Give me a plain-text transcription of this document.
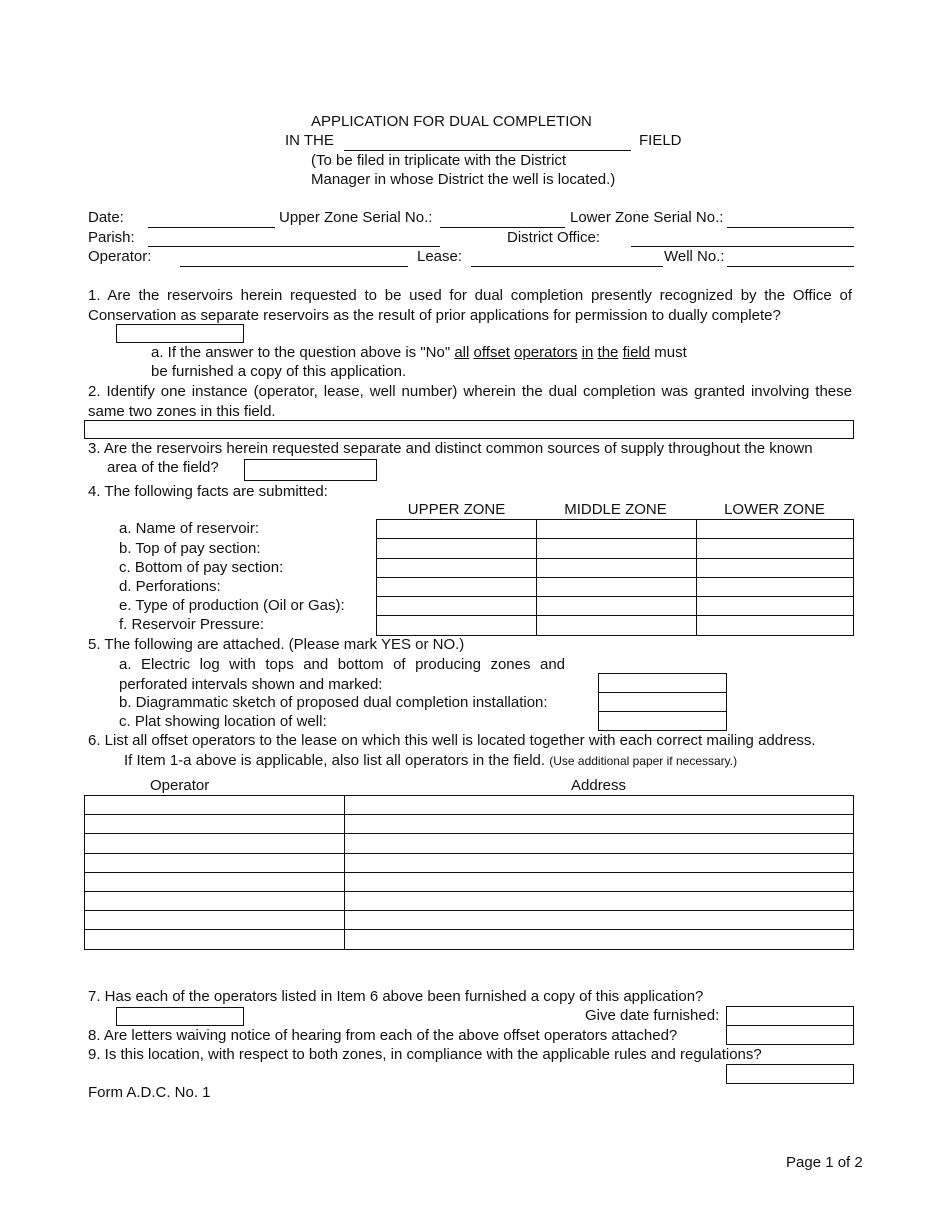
APPLICATION FOR DUAL COMPLETION
IN THE	FIELD
(To be filed in triplicate with the District
Manager in whose District the well is located.)
Date:	Upper Zone Serial No.:	Lower Zone Serial No.:
Parish:	District Office:
Operator:	Lease:	Well No.:
1. Are the reservoirs herein requested to be used for dual completion presently recognized by the Office of Conservation as separate reservoirs as the result of prior applications for permission to dually complete?
a. If the answer to the question above is "No" all offset operators in the field must
be furnished a copy of this application.
2. Identify one instance (operator, lease, well number) wherein the dual completion was granted involving these same two zones in this field.
3. Are the reservoirs herein requested separate and distinct common sources of supply throughout the known
area of the field?
4. The following facts are submitted:
UPPER ZONE	MIDDLE ZONE	LOWER ZONE
a. Name of reservoir:
b. Top of pay section:
c. Bottom of pay section:
d. Perforations:
e. Type of production (Oil or Gas):
f. Reservoir Pressure:

5. The following are attached. (Please mark YES or NO.)
a. Electric log with tops and bottom of producing zones and perforated intervals shown and marked:
b. Diagrammatic sketch of proposed dual completion installation:
c. Plat showing location of well:
6. List all offset operators to the lease on which this well is located together with each correct mailing address.
If Item 1-a above is applicable, also list all operators in the field. (Use additional paper if necessary.)
Operator	Address

7. Has each of the operators listed in Item 6 above been furnished a copy of this application?
Give date furnished:
8. Are letters waiving notice of hearing from each of the above offset operators attached?
9. Is this location, with respect to both zones, in compliance with the applicable rules and regulations?
Form A.D.C. No. 1
Page 1 of 2
